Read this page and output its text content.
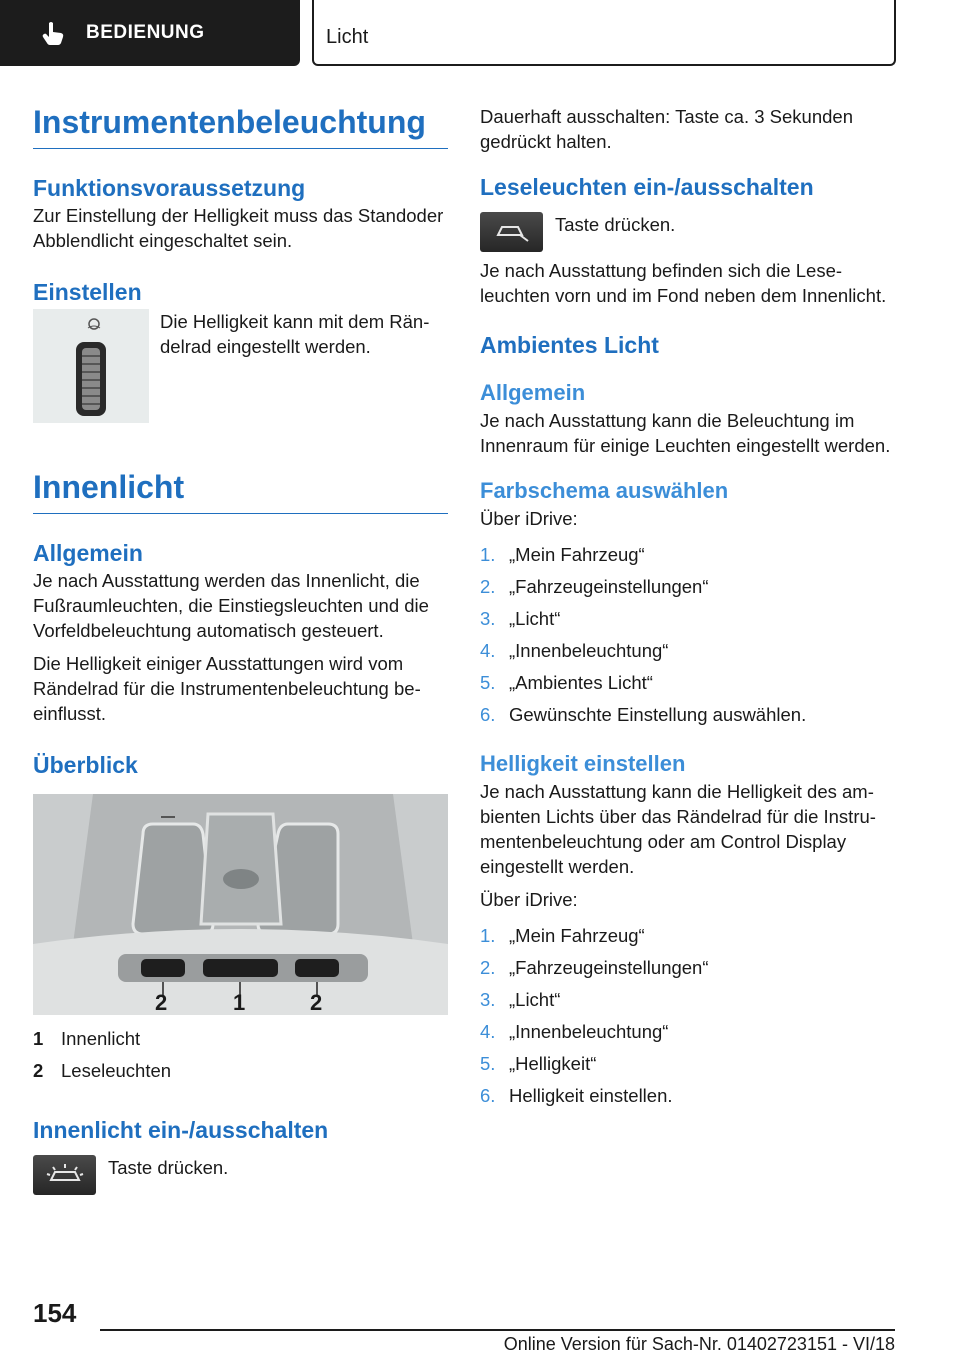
BEDIENUNG	Licht
Instrumentenbeleuchtung
Funktionsvoraussetzung

Zur Einstellung der Helligkeit muss das Standoder Abblendlicht eingeschaltet sein.

Einstellen

Die Helligkeit kann mit dem Rändelrad eingestellt werden.

Innenlicht
Allgemein

Je nach Ausstattung werden das Innenlicht, die Fußraumleuchten, die Einstiegsleuchten und die Vorfeldbeleuchtung automatisch gesteuert.

Die Helligkeit einiger Ausstattungen wird vom Rändelrad für die Instrumentenbeleuchtung beeinflusst.

Überblick
2	1	2
1 Innenlicht
2 Leseleuchten
Innenlicht ein-/ausschalten

Taste drücken.

Dauerhaft ausschalten: Taste ca. 3 Sekunden gedrückt halten.

Leseleuchten ein-/ausschalten

Taste drücken.

Je nach Ausstattung befinden sich die Leseleuchten vorn und im Fond neben dem Innenlicht.

Ambientes Licht
Allgemein

Je nach Ausstattung kann die Beleuchtung im Innenraum für einige Leuchten eingestellt werden.

Farbschema auswählen

Über iDrive:

1. „Mein Fahrzeug“
2. „Fahrzeugeinstellungen“
3. „Licht“
4. „Innenbeleuchtung“
5. „Ambientes Licht“
6. Gewünschte Einstellung auswählen.
Helligkeit einstellen

Je nach Ausstattung kann die Helligkeit des ambienten Lichts über das Rändelrad für die Instrumentenbeleuchtung oder am Control Display eingestellt werden.

Über iDrive:

1. „Mein Fahrzeug“
2. „Fahrzeugeinstellungen“
3. „Licht“
4. „Innenbeleuchtung“
5. „Helligkeit“
6. Helligkeit einstellen.
154
Online Version für Sach-Nr. 01402723151 - VI/18
